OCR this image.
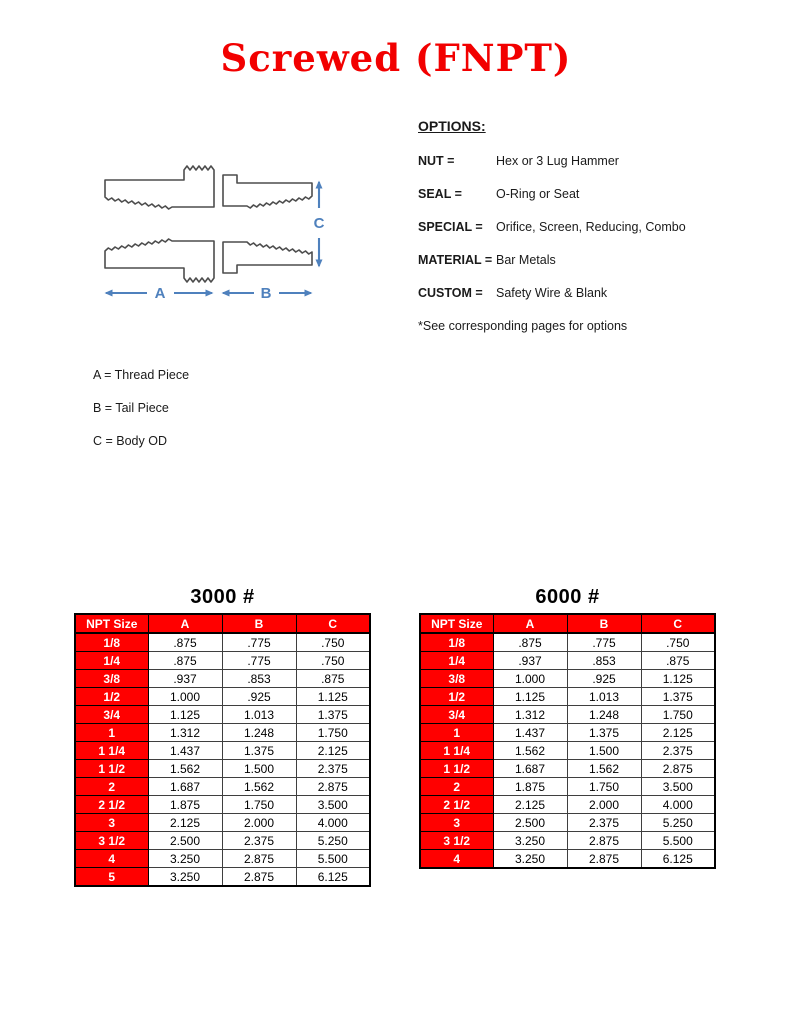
Screwed (FNPT)
A	B
C
OPTIONS:
NUT =	Hex or 3 Lug Hammer
SEAL =	O-Ring or Seat
SPECIAL =	Orifice, Screen, Reducing, Combo
MATERIAL = Bar Metals
CUSTOM =	Safety Wire & Blank
*See corresponding pages for options
A = Thread Piece
B = Tail Piece
C = Body OD
3000 #
NPT Size	A	B	C
1/8	.875	.775	.750
1/4	.875	.775	.750
3/8	.937	.853	.875
1/2	1.000	.925	1.125
3/4	1.125	1.013	1.375
1	1.312	1.248	1.750
1 1/4	1.437	1.375	2.125
1 1/2	1.562	1.500	2.375
2	1.687	1.562	2.875
2 1/2	1.875	1.750	3.500
3	2.125	2.000	4.000
3 1/2	2.500	2.375	5.250
4	3.250	2.875	5.500
5	3.250	2.875	6.125
6000 #
NPT Size	A	B	C
1/8	.875	.775	.750
1/4	.937	.853	.875
3/8	1.000	.925	1.125
1/2	1.125	1.013	1.375
3/4	1.312	1.248	1.750
1	1.437	1.375	2.125
1 1/4	1.562	1.500	2.375
1 1/2	1.687	1.562	2.875
2	1.875	1.750	3.500
2 1/2	2.125	2.000	4.000
3	2.500	2.375	5.250
3 1/2	3.250	2.875	5.500
4	3.250	2.875	6.125
